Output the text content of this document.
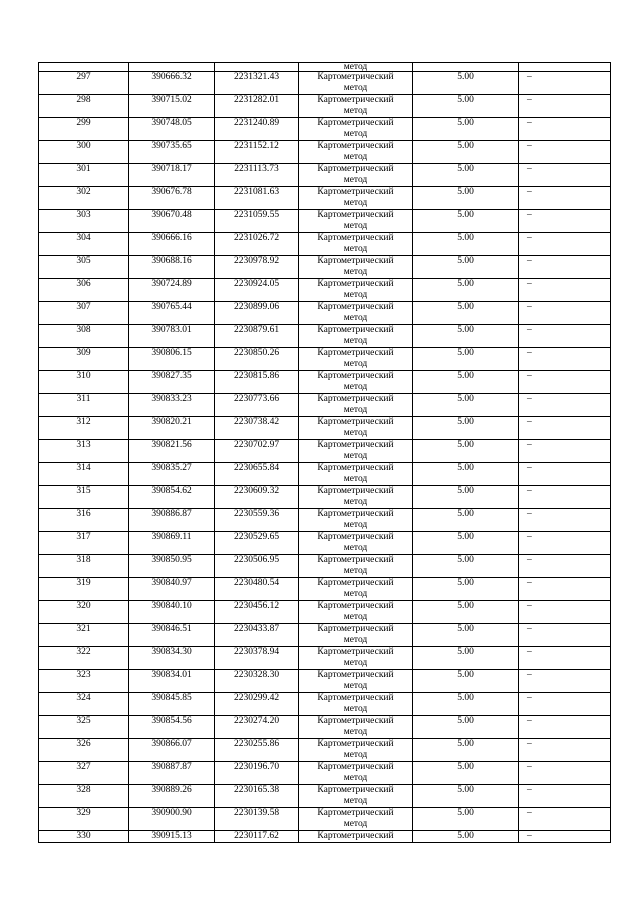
			метод		

297	390666.32	2231321.43	Картометрический
метод	5.00	–
298	390715.02	2231282.01	Картометрический
метод	5.00	–
299	390748.05	2231240.89	Картометрический
метод	5.00	–
300	390735.65	2231152.12	Картометрический
метод	5.00	–
301	390718.17	2231113.73	Картометрический
метод	5.00	–
302	390676.78	2231081.63	Картометрический
метод	5.00	–
303	390670.48	2231059.55	Картометрический
метод	5.00	–
304	390666.16	2231026.72	Картометрический
метод	5.00	–
305	390688.16	2230978.92	Картометрический
метод	5.00	–
306	390724.89	2230924.05	Картометрический
метод	5.00	–
307	390765.44	2230899.06	Картометрический
метод	5.00	–
308	390783.01	2230879.61	Картометрический
метод	5.00	–
309	390806.15	2230850.26	Картометрический
метод	5.00	–
310	390827.35	2230815.86	Картометрический
метод	5.00	–
311	390833.23	2230773.66	Картометрический
метод	5.00	–
312	390820.21	2230738.42	Картометрический
метод	5.00	–
313	390821.56	2230702.97	Картометрический
метод	5.00	–
314	390835.27	2230655.84	Картометрический
метод	5.00	–
315	390854.62	2230609.32	Картометрический
метод	5.00	–
316	390886.87	2230559.36	Картометрический
метод	5.00	–
317	390869.11	2230529.65	Картометрический
метод	5.00	–
318	390850.95	2230506.95	Картометрический
метод	5.00	–
319	390840.97	2230480.54	Картометрический
метод	5.00	–
320	390840.10	2230456.12	Картометрический
метод	5.00	–
321	390846.51	2230433.87	Картометрический
метод	5.00	–
322	390834.30	2230378.94	Картометрический
метод	5.00	–
323	390834.01	2230328.30	Картометрический
метод	5.00	–
324	390845.85	2230299.42	Картометрический
метод	5.00	–
325	390854.56	2230274.20	Картометрический
метод	5.00	–
326	390866.07	2230255.86	Картометрический
метод	5.00	–
327	390887.87	2230196.70	Картометрический
метод	5.00	–
328	390889.26	2230165.38	Картометрический
метод	5.00	–
329	390900.90	2230139.58	Картометрический
метод	5.00	–
330	390915.13	2230117.62	Картометрический	5.00	–
